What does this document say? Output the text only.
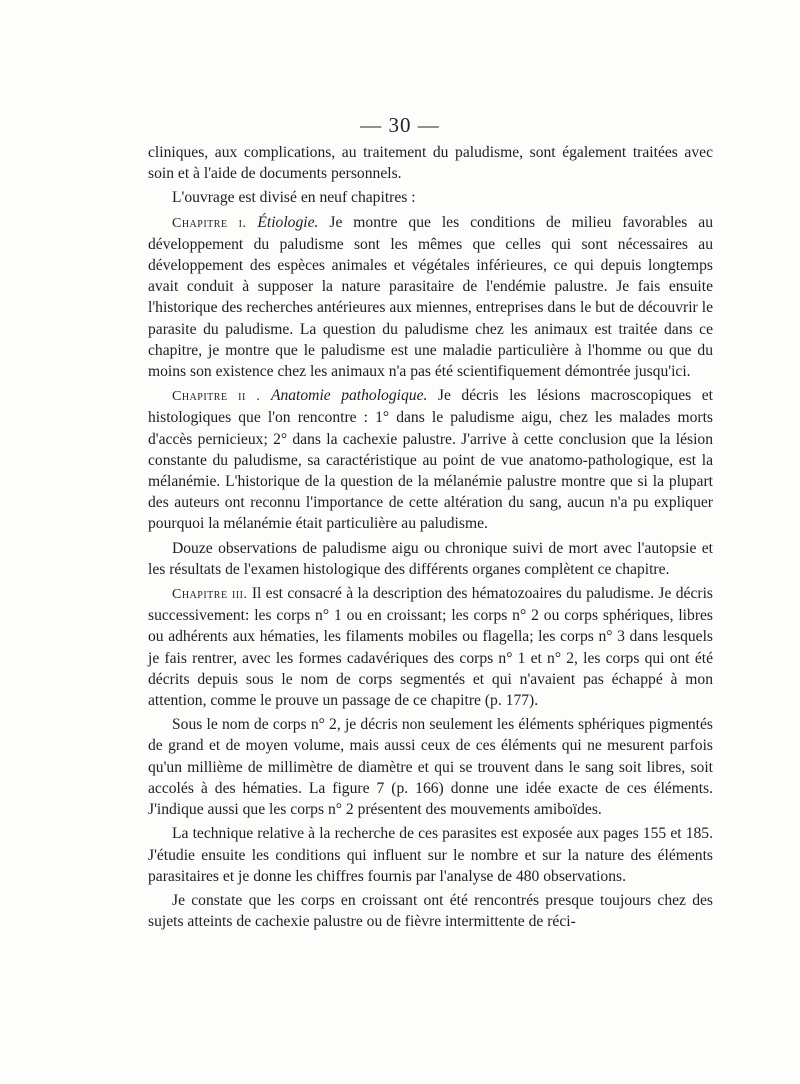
— 30 —

cliniques, aux complications, au traitement du paludisme, sont également traitées avec soin et à l'aide de documents personnels.

L'ouvrage est divisé en neuf chapitres :

Chapitre i. Étiologie. Je montre que les conditions de milieu favorables au développement du paludisme sont les mêmes que celles qui sont nécessaires au développement des espèces animales et végétales inférieures, ce qui depuis longtemps avait conduit à supposer la nature parasitaire de l'endémie palustre. Je fais ensuite l'historique des recherches antérieures aux miennes, entreprises dans le but de découvrir le parasite du paludisme. La question du paludisme chez les animaux est traitée dans ce chapitre, je montre que le paludisme est une maladie particulière à l'homme ou que du moins son existence chez les animaux n'a pas été scientifiquement démontrée jusqu'ici.

Chapitre ii . Anatomie pathologique. Je décris les lésions macroscopiques et histologiques que l'on rencontre : 1° dans le paludisme aigu, chez les malades morts d'accès pernicieux; 2° dans la cachexie palustre. J'arrive à cette conclusion que la lésion constante du paludisme, sa caractéristique au point de vue anatomo-pathologique, est la mélanémie. L'historique de la question de la mélanémie palustre montre que si la plupart des auteurs ont reconnu l'importance de cette altération du sang, aucun n'a pu expliquer pourquoi la mélanémie était particulière au paludisme.

Douze observations de paludisme aigu ou chronique suivi de mort avec l'autopsie et les résultats de l'examen histologique des différents organes complètent ce chapitre.

Chapitre iii. Il est consacré à la description des hématozoaires du paludisme. Je décris successivement: les corps n° 1 ou en croissant; les corps n° 2 ou corps sphériques, libres ou adhérents aux hématies, les filaments mobiles ou flagella; les corps n° 3 dans lesquels je fais rentrer, avec les formes cadavériques des corps n° 1 et n° 2, les corps qui ont été décrits depuis sous le nom de corps segmentés et qui n'avaient pas échappé à mon attention, comme le prouve un passage de ce chapitre (p. 177).

Sous le nom de corps n° 2, je décris non seulement les éléments sphériques pigmentés de grand et de moyen volume, mais aussi ceux de ces éléments qui ne mesurent parfois qu'un millième de millimètre de diamètre et qui se trouvent dans le sang soit libres, soit accolés à des hématies. La figure 7 (p. 166) donne une idée exacte de ces éléments. J'indique aussi que les corps n° 2 présentent des mouvements amiboïdes.

La technique relative à la recherche de ces parasites est exposée aux pages 155 et 185. J'étudie ensuite les conditions qui influent sur le nombre et sur la nature des éléments parasitaires et je donne les chiffres fournis par l'analyse de 480 observations.

Je constate que les corps en croissant ont été rencontrés presque toujours chez des sujets atteints de cachexie palustre ou de fièvre intermittente de réci-
